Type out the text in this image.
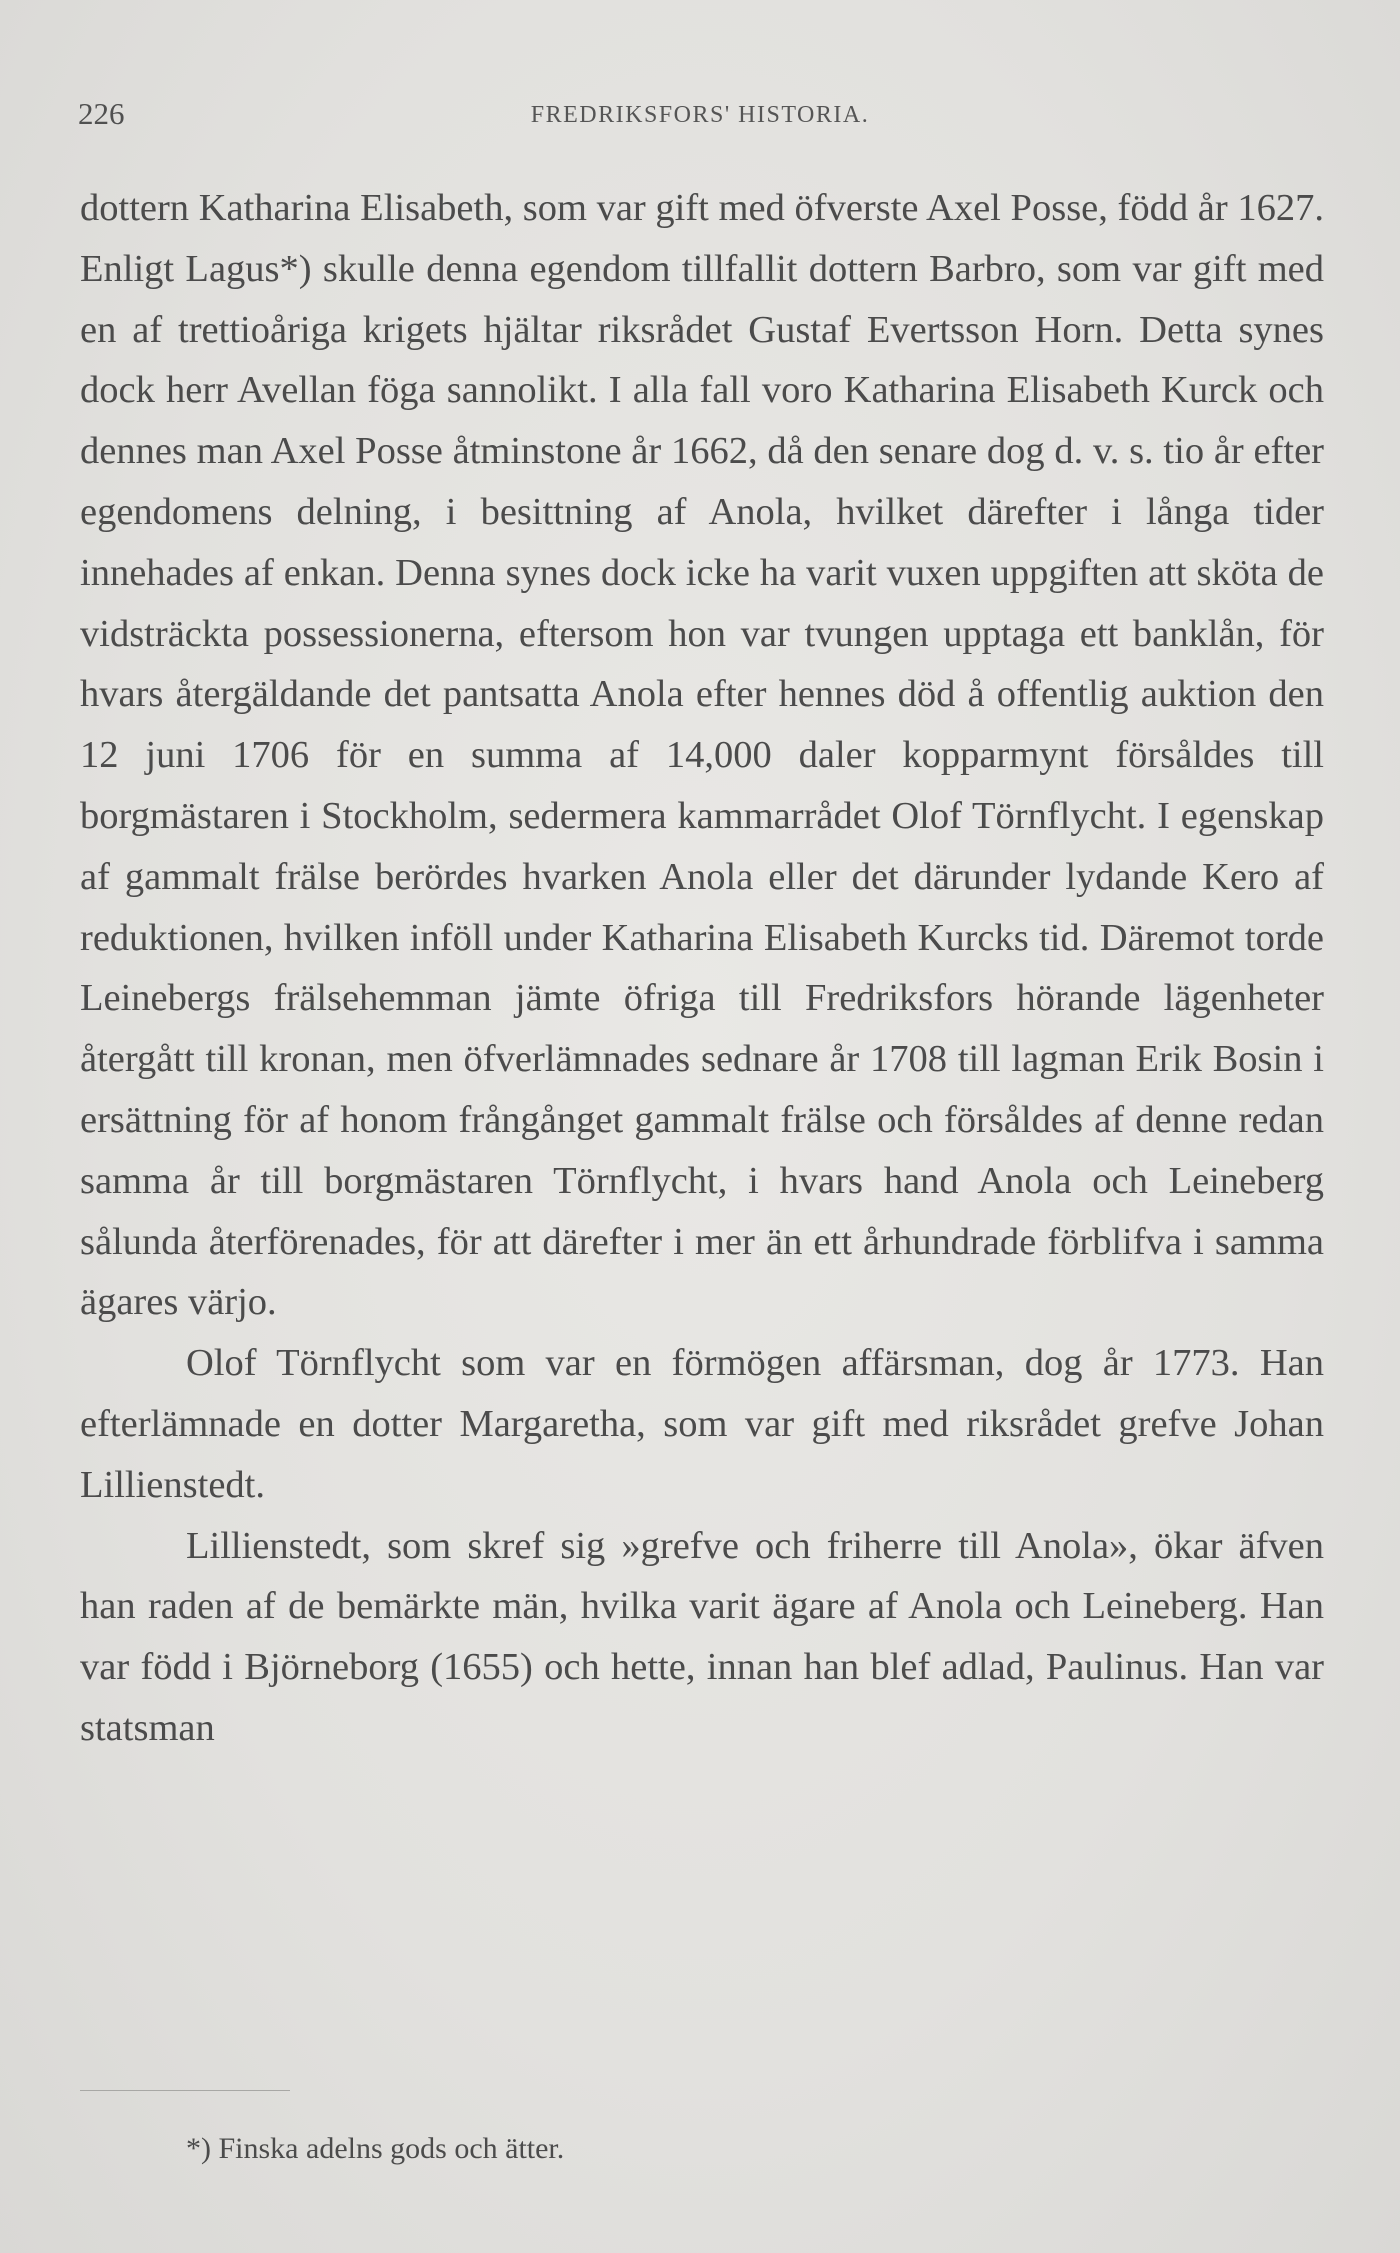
226	FREDRIKSFORS' HISTORIA.

dottern Katharina Elisabeth, som var gift med öfverste Axel Posse, född år 1627. Enligt Lagus*) skulle denna egendom tillfallit dottern Barbro, som var gift med en af trettioåriga krigets hjältar riksrådet Gustaf Evertsson Horn. Detta synes dock herr Avellan föga sannolikt. I alla fall voro Katharina Elisabeth Kurck och dennes man Axel Posse åtminstone år 1662, då den senare dog d. v. s. tio år efter egendomens delning, i besittning af Anola, hvilket därefter i långa tider innehades af enkan. Denna synes dock icke ha varit vuxen uppgiften att sköta de vidsträckta possessionerna, eftersom hon var tvungen upptaga ett banklån, för hvars återgäldande det pantsatta Anola efter hennes död å offentlig auktion den 12 juni 1706 för en summa af 14,000 daler kopparmynt försåldes till borgmästaren i Stockholm, sedermera kammarrådet Olof Törnflycht. I egenskap af gammalt frälse berördes hvarken Anola eller det därunder lydande Kero af reduktionen, hvilken inföll under Katharina Elisabeth Kurcks tid. Däremot torde Leinebergs frälsehemman jämte öfriga till Fredriksfors hörande lägenheter återgått till kronan, men öfverlämnades sednare år 1708 till lagman Erik Bosin i ersättning för af honom frångånget gammalt frälse och försåldes af denne redan samma år till borgmästaren Törnflycht, i hvars hand Anola och Leineberg sålunda återförenades, för att därefter i mer än ett århundrade förblifva i samma ägares värjo.

Olof Törnflycht som var en förmögen affärsman, dog år 1773. Han efterlämnade en dotter Margaretha, som var gift med riksrådet grefve Johan Lillienstedt.

Lillienstedt, som skref sig »grefve och friherre till Anola», ökar äfven han raden af de bemärkte män, hvilka varit ägare af Anola och Leineberg. Han var född i Björneborg (1655) och hette, innan han blef adlad, Paulinus. Han var statsman

*) Finska adelns gods och ätter.
